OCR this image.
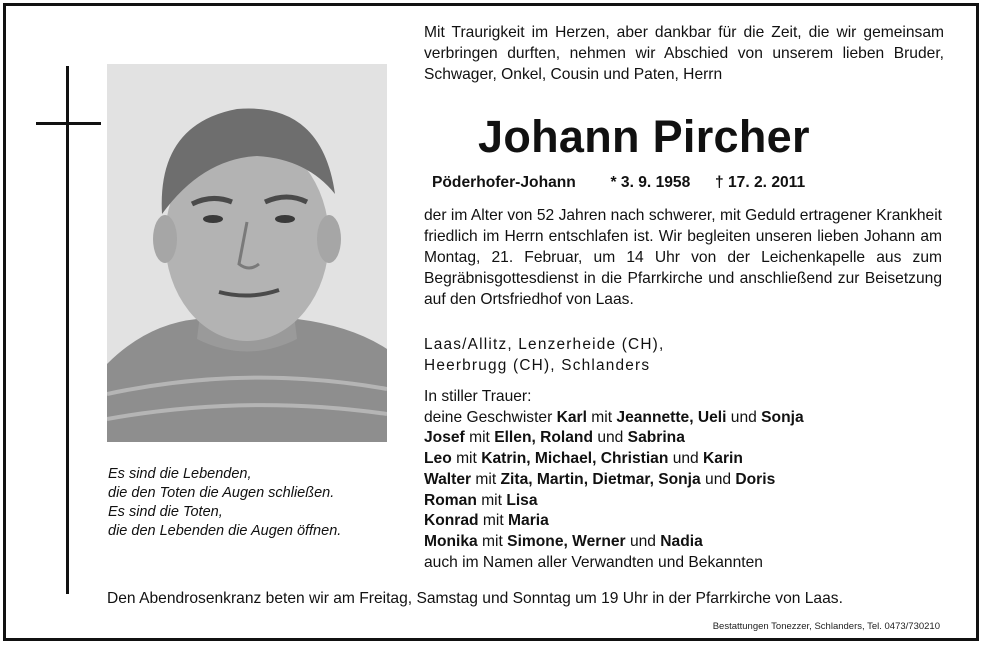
Es sind die Lebenden,
die den Toten die Augen schließen.
Es sind die Toten,
die den Lebenden die Augen öffnen.
Mit Traurigkeit im Herzen, aber dankbar für die Zeit, die wir gemeinsam verbringen durften, nehmen wir Abschied von unserem lieben Bruder, Schwager, Onkel, Cousin und Paten, Herrn
Johann Pircher
Pöderhofer-Johann * 3. 9. 1958 † 17. 2. 2011
der im Alter von 52 Jahren nach schwerer, mit Geduld ertragener Krankheit friedlich im Herrn entschlafen ist. Wir begleiten unseren lieben Johann am Montag, 21. Februar, um 14 Uhr von der Leichenkapelle aus zum Begräbnisgottesdienst in die Pfarrkirche und anschließend zur Beisetzung auf den Ortsfriedhof von Laas.
Laas/Allitz, Lenzerheide (CH),
Heerbrugg (CH), Schlanders
In stiller Trauer:
deine Geschwister Karl mit Jeannette, Ueli und Sonja
Josef mit Ellen, Roland und Sabrina
Leo mit Katrin, Michael, Christian und Karin
Walter mit Zita, Martin, Dietmar, Sonja und Doris
Roman mit Lisa
Konrad mit Maria
Monika mit Simone, Werner und Nadia
auch im Namen aller Verwandten und Bekannten
Den Abendrosenkranz beten wir am Freitag, Samstag und Sonntag um 19 Uhr in der Pfarrkirche von Laas.
Bestattungen Tonezzer, Schlanders, Tel. 0473/730210
